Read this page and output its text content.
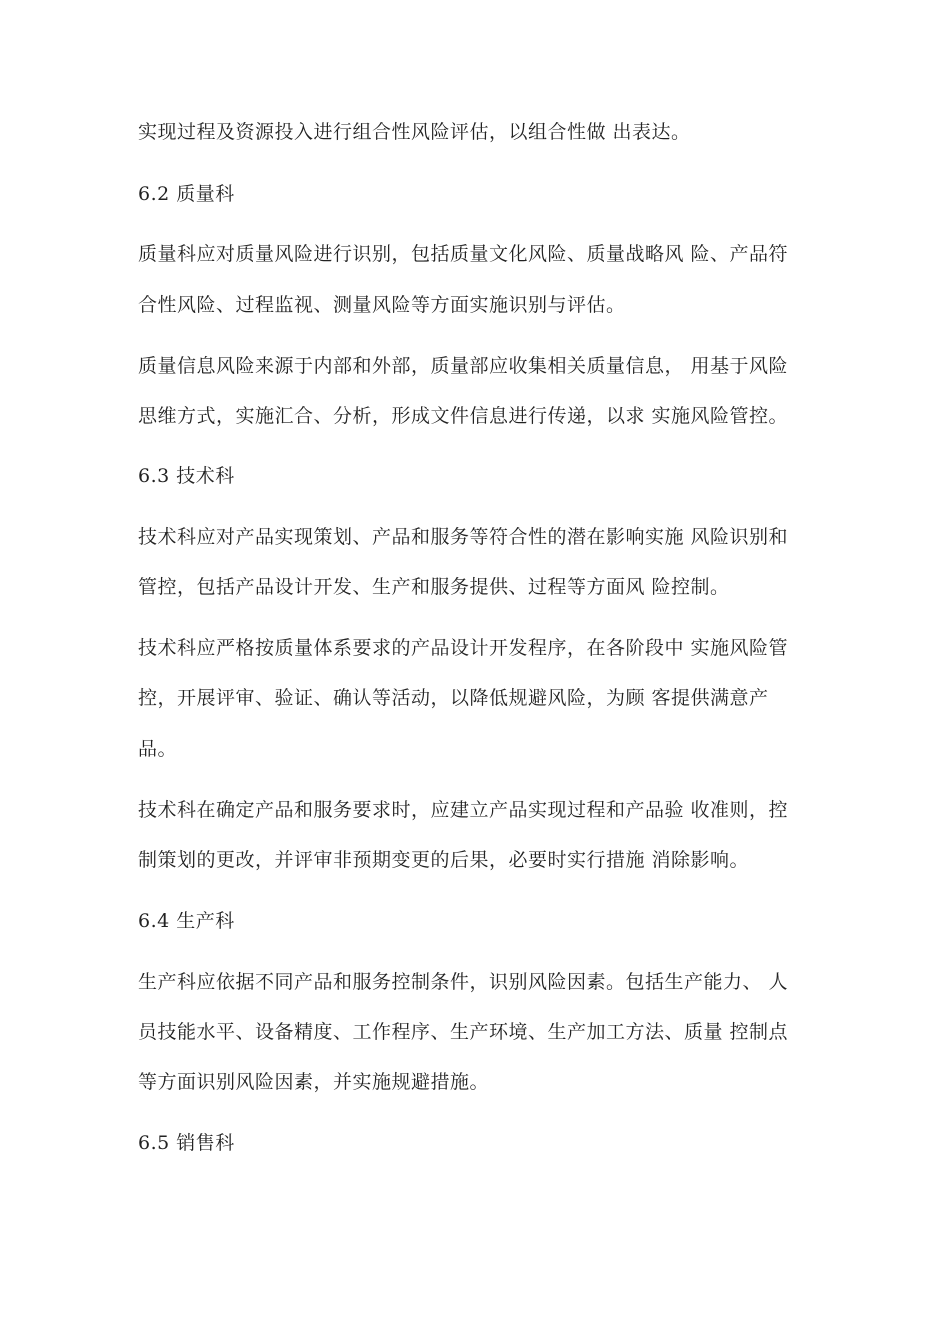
实现过程及资源投入进行组合性风险评估，以组合性做 出表达。
6.2 质量科
质量科应对质量风险进行识别，包括质量文化风险、质量战略风 险、产品符
合性风险、过程监视、测量风险等方面实施识别与评估。
质量信息风险来源于内部和外部，质量部应收集相关质量信息， 用基于风险
思维方式，实施汇合、分析，形成文件信息进行传递，以求 实施风险管控。
6.3 技术科
技术科应对产品实现策划、产品和服务等符合性的潜在影响实施 风险识别和
管控，包括产品设计开发、生产和服务提供、过程等方面风 险控制。
技术科应严格按质量体系要求的产品设计开发程序，在各阶段中 实施风险管
控，开展评审、验证、确认等活动，以降低规避风险，为顾 客提供满意产
品。
技术科在确定产品和服务要求时，应建立产品实现过程和产品验 收准则，控
制策划的更改，并评审非预期变更的后果，必要时实行措施 消除影响。
6.4 生产科
生产科应依据不同产品和服务控制条件，识别风险因素。包括生产能力、 人
员技能水平、设备精度、工作程序、生产环境、生产加工方法、质量 控制点
等方面识别风险因素，并实施规避措施。
6.5 销售科
